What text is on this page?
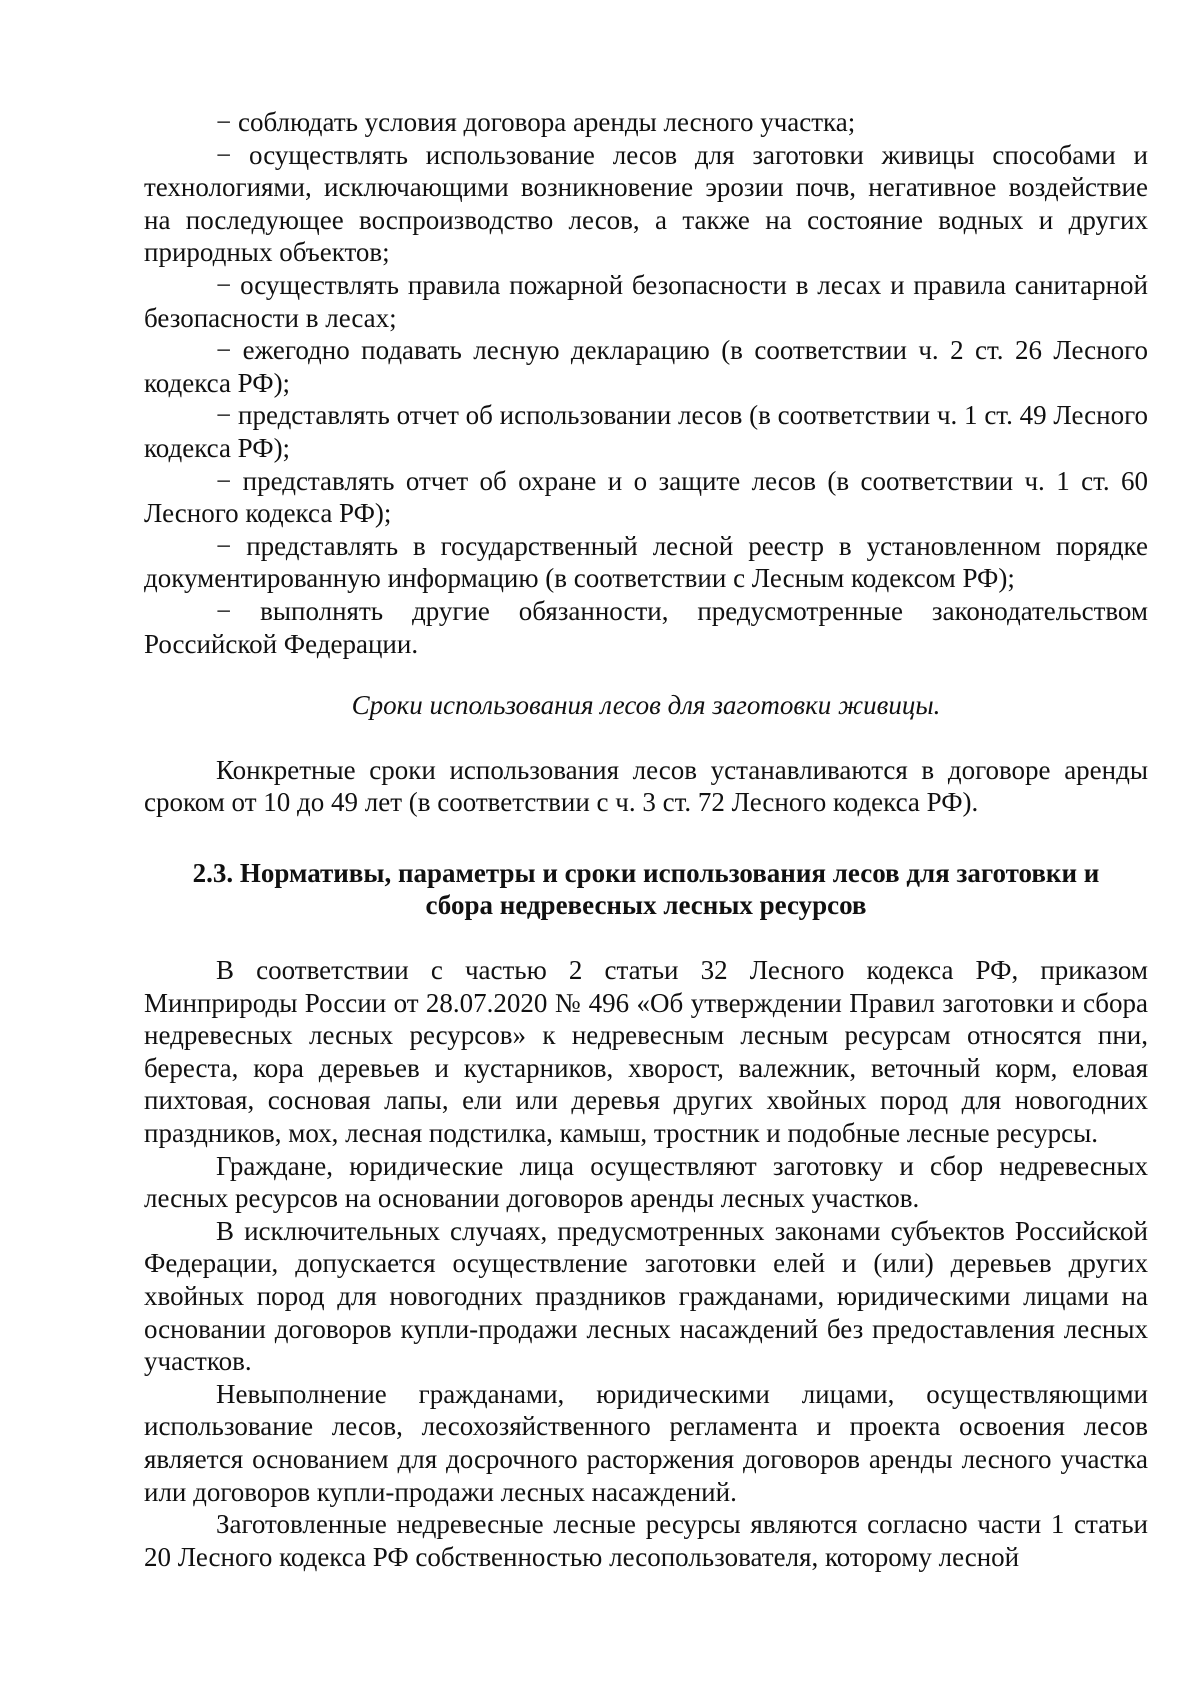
− соблюдать условия договора аренды лесного участка;

− осуществлять использование лесов для заготовки живицы способами и технологиями, исключающими возникновение эрозии почв, негативное воздействие на последующее воспроизводство лесов, а также на состояние водных и других природных объектов;

− осуществлять правила пожарной безопасности в лесах и правила санитарной безопасности в лесах;

− ежегодно подавать лесную декларацию (в соответствии ч. 2 ст. 26 Лесного кодекса РФ);

− представлять отчет об использовании лесов (в соответствии ч. 1 ст. 49 Лесного кодекса РФ);

− представлять отчет об охране и о защите лесов (в соответствии ч. 1 ст. 60 Лесного кодекса РФ);

− представлять в государственный лесной реестр в установленном порядке документированную информацию (в соответствии с Лесным кодексом РФ);

− выполнять другие обязанности, предусмотренные законодательством Российской Федерации.

Сроки использования лесов для заготовки живицы.

Конкретные сроки использования лесов устанавливаются в договоре аренды сроком от 10 до 49 лет (в соответствии с ч. 3 ст. 72 Лесного кодекса РФ).

2.3. Нормативы, параметры и сроки использования лесов для заготовки и

сбора недревесных лесных ресурсов

В соответствии с частью 2 статьи 32 Лесного кодекса РФ, приказом Минприроды России от 28.07.2020 № 496 «Об утверждении Правил заготовки и сбора недревесных лесных ресурсов» к недревесным лесным ресурсам относятся пни, береста, кора деревьев и кустарников, хворост, валежник, веточный корм, еловая пихтовая, сосновая лапы, ели или деревья других хвойных пород для новогодних праздников, мох, лесная подстилка, камыш, тростник и подобные лесные ресурсы.

Граждане, юридические лица осуществляют заготовку и сбор недревесных лесных ресурсов на основании договоров аренды лесных участков.

В исключительных случаях, предусмотренных законами субъектов Российской Федерации, допускается осуществление заготовки елей и (или) деревьев других хвойных пород для новогодних праздников гражданами, юридическими лицами на основании договоров купли-продажи лесных насаждений без предоставления лесных участков.

Невыполнение гражданами, юридическими лицами, осуществляющими использование лесов, лесохозяйственного регламента и проекта освоения лесов является основанием для досрочного расторжения договоров аренды лесного участка или договоров купли-продажи лесных насаждений.

Заготовленные недревесные лесные ресурсы являются согласно части 1 статьи 20 Лесного кодекса РФ собственностью лесопользователя, которому лесной
